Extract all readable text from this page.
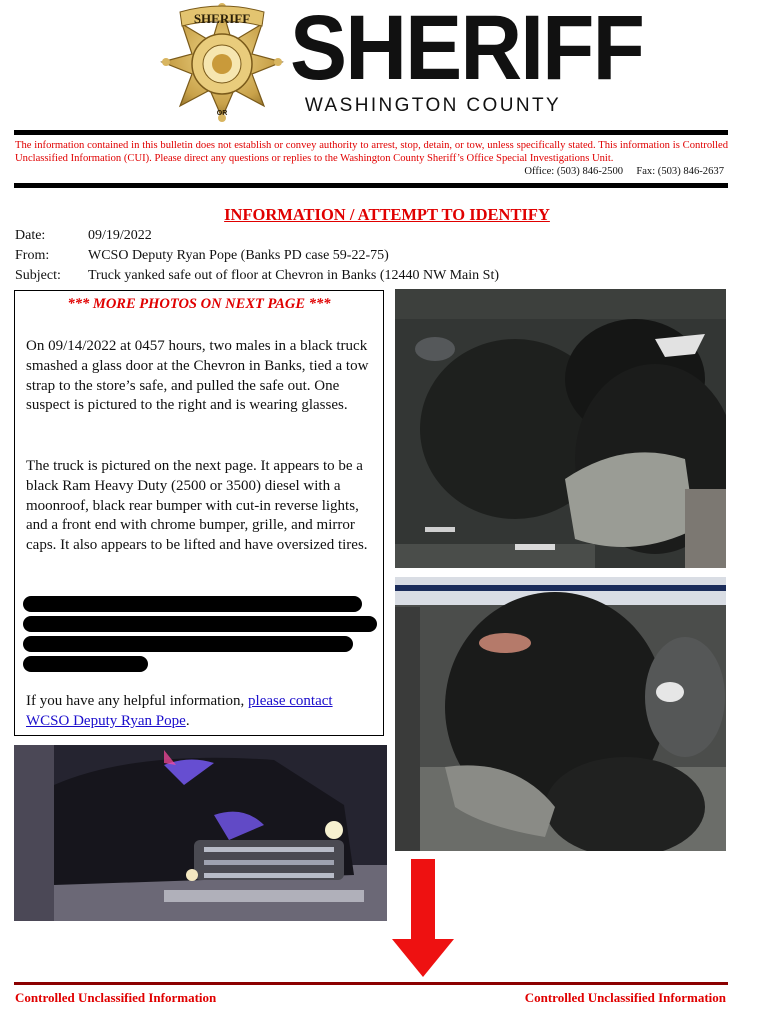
SHERIFF
OR
SHERIFF
WASHINGTON COUNTY
The information contained in this bulletin does not establish or convey authority to arrest, stop, detain, or tow, unless specifically stated. This information is Controlled Unclassified Information (CUI). Please direct any questions or replies to the Washington County Sheriff’s Office Special Investigations Unit.
Office: (503) 846-2500 Fax: (503) 846-2637
INFORMATION / ATTEMPT TO IDENTIFY
Date:	09/19/2022
From:	WCSO Deputy Ryan Pope (Banks PD case 59-22-75)
Subject: Truck yanked safe out of floor at Chevron in Banks (12440 NW Main St)
*** MORE PHOTOS ON NEXT PAGE ***
On 09/14/2022 at 0457 hours, two males in a black truck smashed a glass door at the Chevron in Banks, tied a tow strap to the store’s safe, and pulled the safe out. One suspect is pictured to the right and is wearing glasses.
The truck is pictured on the next page. It appears to be a black Ram Heavy Duty (2500 or 3500) diesel with a moonroof, black rear bumper with cut-in reverse lights, and a front end with chrome bumper, grille, and mirror caps. It also appears to be lifted and have oversized tires.
If you have any helpful information, please contact WCSO Deputy Ryan Pope.
Controlled Unclassified Information	Controlled Unclassified Information
